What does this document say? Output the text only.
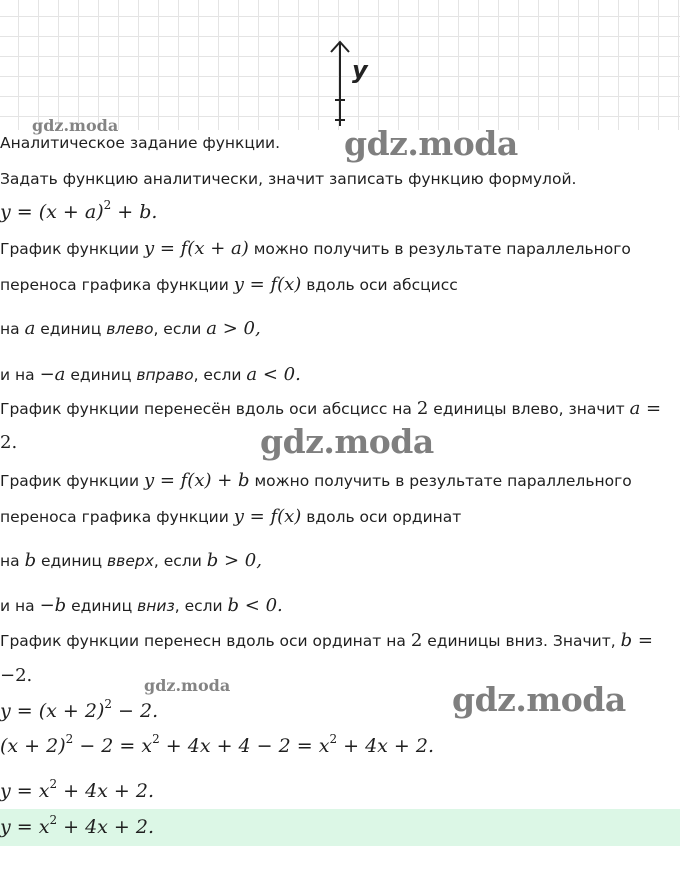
y
gdz.moda
Аналитическое задание функции. gdz.moda
Задать функцию аналитически, значит записать функцию формулой.
$y = (x + a)^2 + b$.
График функции y = f(x + a) можно получить в результате параллельного
переноса графика функции y = f(x) вдоль оси абсцисс
на a единиц влево, если a > 0,
и на −a единиц вправо, если a < 0.
График функции перенесён вдоль оси абсцисс на 2 единицы влево, значит a =
2.	gdz.moda
График функции y = f(x) + b можно получить в результате параллельного
переноса графика функции y = f(x) вдоль оси ординат
на b единиц вверх, если b > 0,
и на −b единиц вниз, если b < 0.
График функции перенесн вдоль оси ординат на 2 единицы вниз. Значит, b =
−2.	gdz.moda	gdz.moda
$y = (x + 2)^2 - 2$.
$(x + 2)^2 - 2 = x^2 + 4x + 4 - 2 = x^2 + 4x + 2$.
$y = x^2 + 4x + 2$.
$y = x^2 + 4x + 2$.
